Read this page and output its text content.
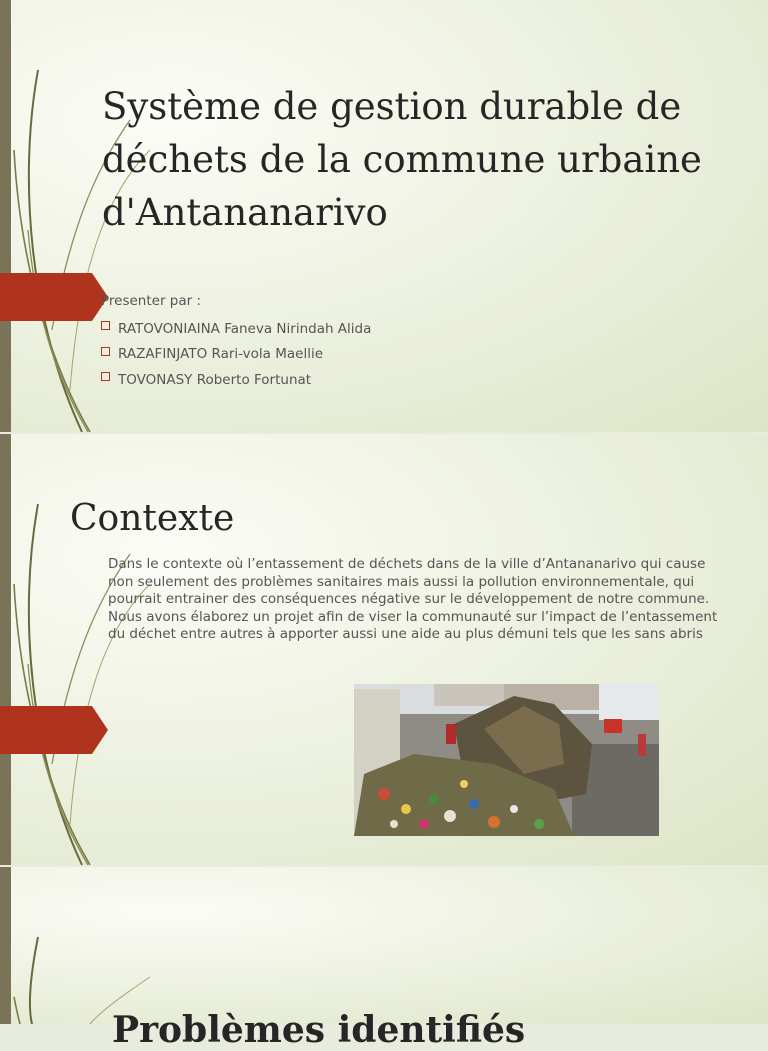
Système de gestion durable de déchets de la commune urbaine d'Antananarivo
Presenter par :
RATOVONIAINA Faneva Nirindah Alida
RAZAFINJATO Rari-vola Maellie
TOVONASY Roberto Fortunat
Contexte

Dans le contexte où l’entassement de déchets dans de la ville d’Antananarivo qui cause non seulement des problèmes sanitaires mais aussi la pollution environnementale, qui pourrait entrainer des conséquences négative sur le développement de notre commune. Nous avons élaborez un projet afin de viser la communauté sur l’impact de l’entassement du déchet entre autres à apporter aussi une aide au plus démuni tels que les sans abris

Problèmes identifiés
